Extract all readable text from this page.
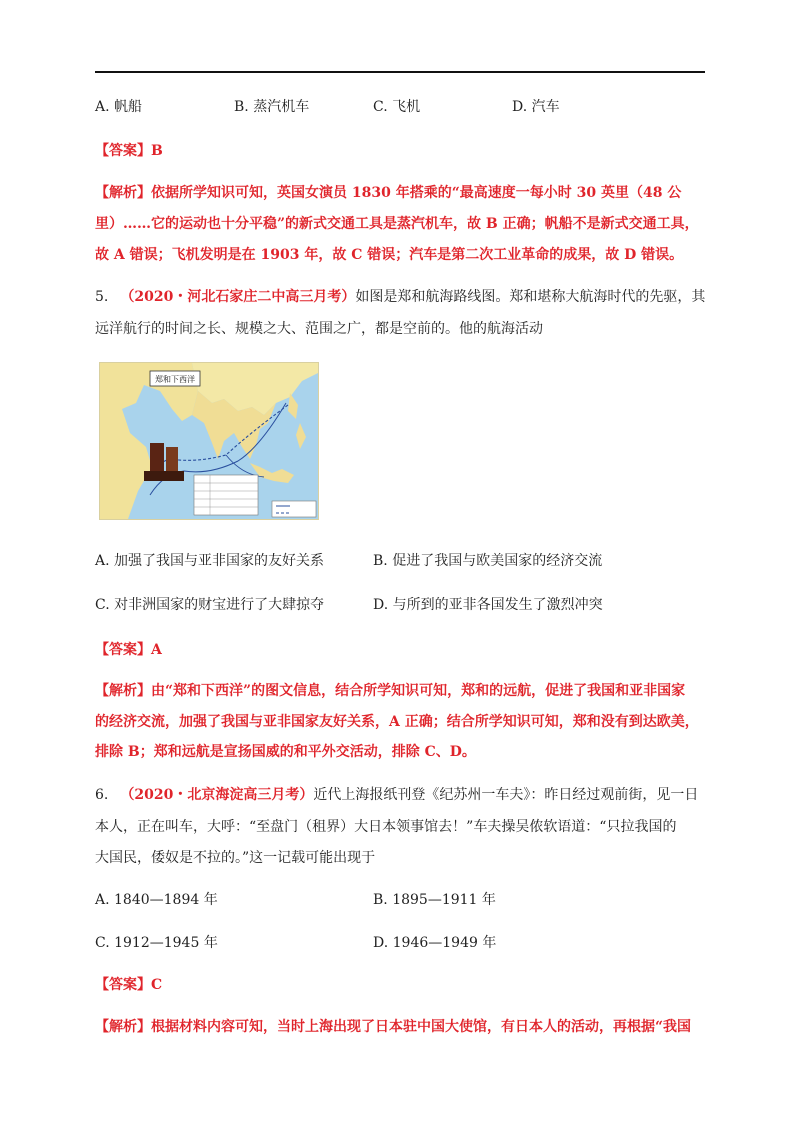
A. 帆船	B. 蒸汽机车	C. 飞机	D. 汽车
【答案】B
【解析】依据所学知识可知，英国女演员 1830 年搭乘的“最高速度一每小时 30 英里（48 公
里）……它的运动也十分平稳”的新式交通工具是蒸汽机车，故 B 正确；帆船不是新式交通工具，
故 A 错误；飞机发明是在 1903 年，故 C 错误；汽车是第二次工业革命的成果，故 D 错误。
5. （2020・河北石家庄二中高三月考）如图是郑和航海路线图。郑和堪称大航海时代的先驱，其
远洋航行的时间之长、规模之大、范围之广，都是空前的。他的航海活动
郑和下西洋
A. 加强了我国与亚非国家的友好关系	B. 促进了我国与欧美国家的经济交流
C. 对非洲国家的财宝进行了大肆掠夺	D. 与所到的亚非各国发生了激烈冲突
【答案】A
【解析】由“郑和下西洋”的图文信息，结合所学知识可知，郑和的远航，促进了我国和亚非国家
的经济交流，加强了我国与亚非国家友好关系，A 正确；结合所学知识可知，郑和没有到达欧美，
排除 B；郑和远航是宣扬国威的和平外交活动，排除 C、D。
6. （2020・北京海淀高三月考）近代上海报纸刊登《纪苏州一车夫》：昨日经过观前街，见一日
本人，正在叫车，大呼：“至盘门（租界）大日本领事馆去！”车夫操吴侬软语道：“只拉我国的
大国民，倭奴是不拉的。”这一记载可能出现于
A. 1840—1894 年	B. 1895—1911 年
C. 1912—1945 年	D. 1946—1949 年
【答案】C
【解析】根据材料内容可知，当时上海出现了日本驻中国大使馆，有日本人的活动，再根据“我国
